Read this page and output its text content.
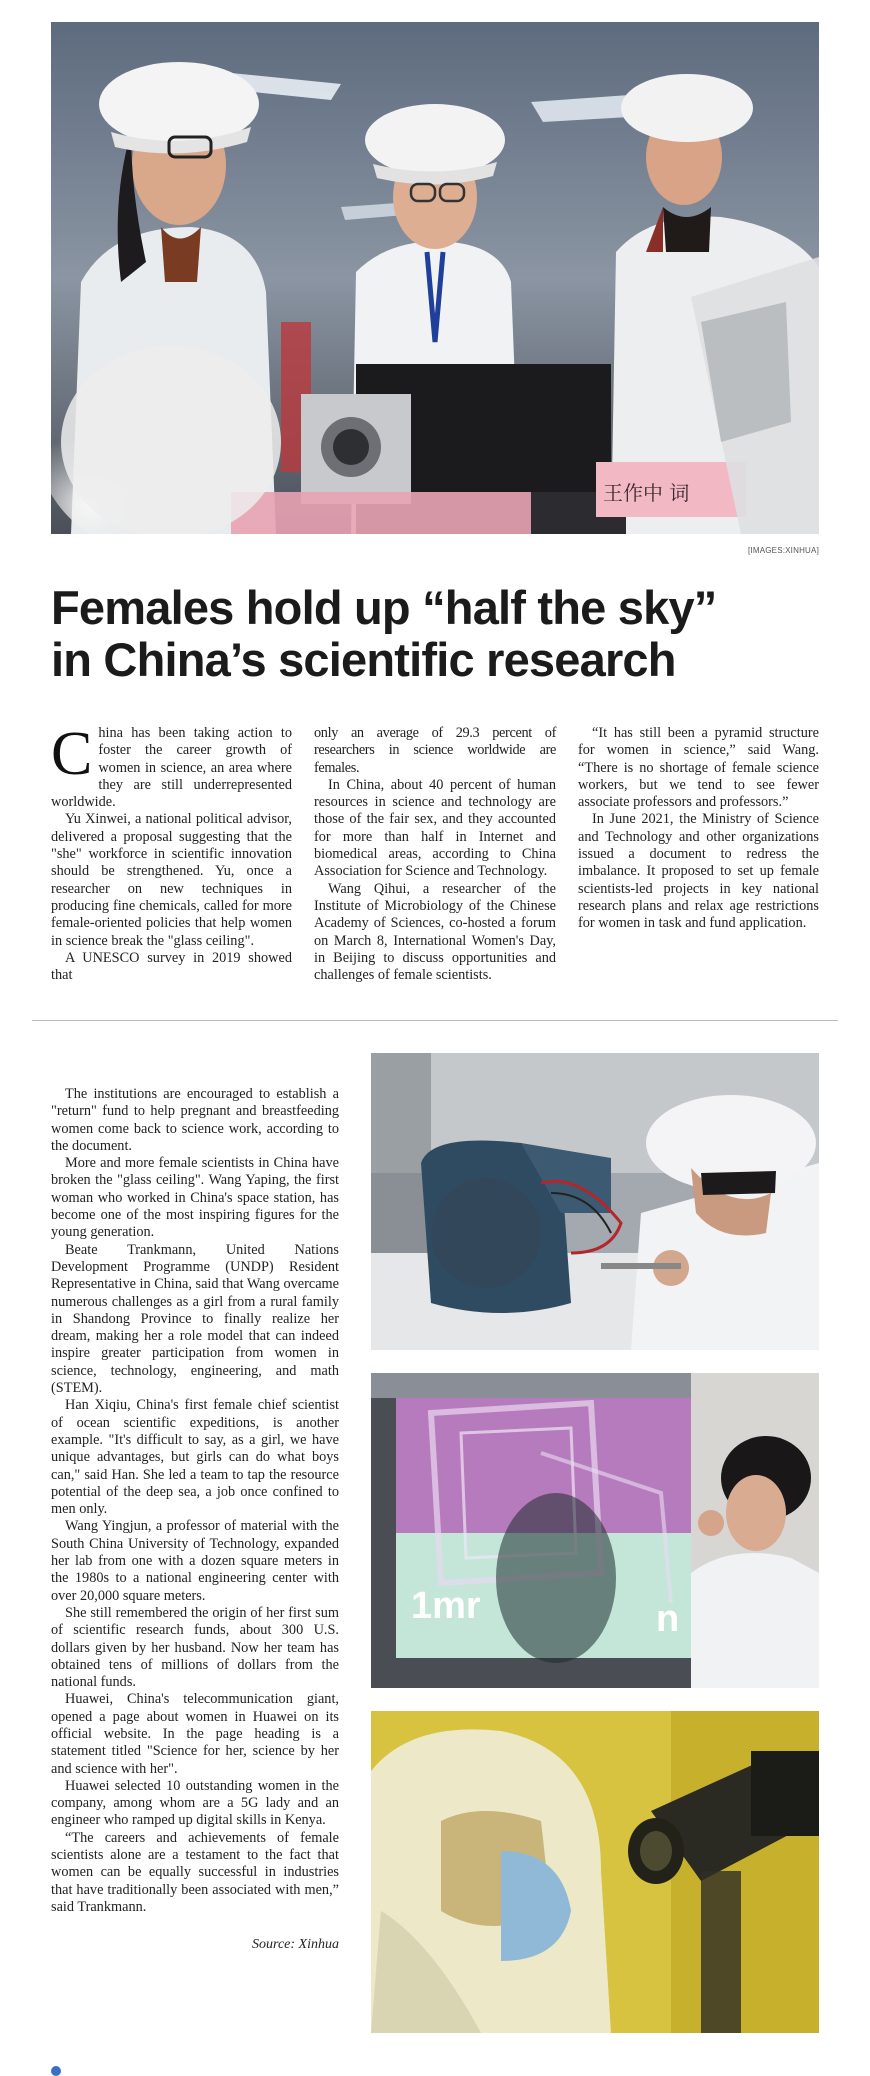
王作中 词
[IMAGES:XINHUA]
Females hold up “half the sky”
in China’s scientific research

China has been taking action to foster the career growth of women in science, an area where they are still underrepresented worldwide.

Yu Xinwei, a national political advisor, delivered a proposal suggesting that the "she" workforce in scientific innovation should be strengthened. Yu, once a researcher on new techniques in producing fine chemicals, called for more female-oriented policies that help women in science break the "glass ceiling".

A UNESCO survey in 2019 showed that

only an average of 29.3 percent of researchers in science worldwide are females.

In China, about 40 percent of human resources in science and technology are those of the fair sex, and they accounted for more than half in Internet and biomedical areas, according to China Association for Science and Technology.

Wang Qihui, a researcher of the Institute of Microbiology of the Chinese Academy of Sciences, co-hosted a forum on March 8, International Women's Day, in Beijing to discuss opportunities and challenges of female scientists.

“It has still been a pyramid structure for women in science,” said Wang. “There is no shortage of female science workers, but we tend to see fewer associate professors and professors.”

In June 2021, the Ministry of Science and Technology and other organizations issued a document to redress the imbalance. It proposed to set up female scientists-led projects in key national research plans and relax age restrictions for women in task and fund application.

The institutions are encouraged to establish a "return" fund to help pregnant and breastfeeding women come back to science work, according to the document.

More and more female scientists in China have broken the "glass ceiling". Wang Yaping, the first woman who worked in China's space station, has become one of the most inspiring figures for the young generation.

Beate Trankmann, United Nations Development Programme (UNDP) Resident Representative in China, said that Wang overcame numerous challenges as a girl from a rural family in Shandong Province to finally realize her dream, making her a role model that can indeed inspire greater participation from women in science, technology, engineering, and math (STEM).

Han Xiqiu, China's first female chief scientist of ocean scientific expeditions, is another example. "It's difficult to say, as a girl, we have unique advantages, but girls can do what boys can," said Han. She led a team to tap the resource potential of the deep sea, a job once confined to men only.

Wang Yingjun, a professor of material with the South China University of Technology, expanded her lab from one with a dozen square meters in the 1980s to a national engineering center with over 20,000 square meters.

She still remembered the origin of her first sum of scientific research funds, about 300 U.S. dollars given by her husband. Now her team has obtained tens of millions of dollars from the national funds.

Huawei, China's telecommunication giant, opened a page about women in Huawei on its official website. In the page heading is a statement titled "Science for her, science by her and science with her".

Huawei selected 10 outstanding women in the company, among whom are a 5G lady and an engineer who ramped up digital skills in Kenya.

“The careers and achievements of female scientists alone are a testament to the fact that women can be equally successful in industries that have traditionally been associated with men,” said Trankmann.

Source: Xinhua
1mr	n
